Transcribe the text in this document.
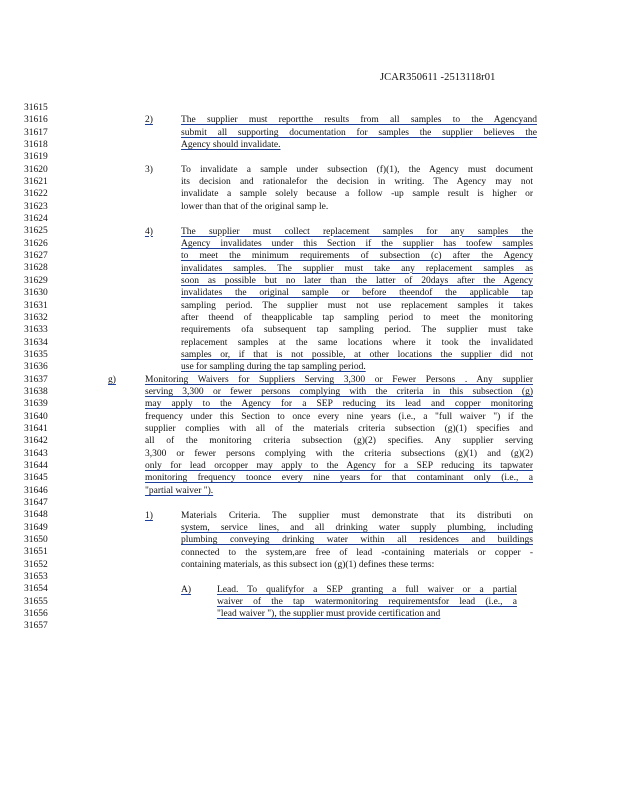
JCAR350611 -2513118r01
31615
31616
31617
31618
31619
31620
31621
31622
31623
31624
31625
31626
31627
31628
31629
31630
31631
31632
31633
31634
31635
31636
31637
31638
31639
31640
31641
31642
31643
31644
31645
31646
31647
31648
31649
31650
31651
31652
31653
31654
31655
31656
31657
2)	The supplier must reportthe results from all samples to the Agencyand
submit all supporting documentation for samples the supplier believes the
Agency should invalidate.
3)	To invalidate a sample under subsection (f)(1), the Agency must document
its decision and rationalefor the decision in writing. The Agency may not
invalidate a sample solely because a follow -up sample result is higher or
lower than that of the original samp le.
4)	The supplier must collect replacement samples for any samples the
Agency invalidates under this Section if the supplier has toofew samples
to meet the minimum requirements of subsection (c) after the Agency
invalidates samples. The supplier must take any replacement samples as
soon as possible but no later than the latter of 20days after the Agency
invalidates the original sample or before theendof the applicable tap
sampling period. The supplier must not use replacement samples it takes
after theend of theapplicable tap sampling period to meet the monitoring
requirements ofa subsequent tap sampling period. The supplier must take
replacement samples at the same locations where it took the invalidated
samples or, if that is not possible, at other locations the supplier did not
use for sampling during the tap sampling period.
g)	Monitoring Waivers for Suppliers Serving 3,300 or Fewer Persons . Any supplier
serving 3,300 or fewer persons complying with the criteria in this subsection (g)
may apply to the Agency for a SEP reducing its lead and copper monitoring
frequency under this Section to once every nine years (i.e., a "full waiver ") if the
supplier complies with all of the materials criteria subsection (g)(1) specifies and
all of the monitoring criteria subsection (g)(2) specifies. Any supplier serving
3,300 or fewer persons complying with the criteria subsections (g)(1) and (g)(2)
only for lead orcopper may apply to the Agency for a SEP reducing its tapwater
monitoring frequency toonce every nine years for that contaminant only (i.e., a
"partial waiver ").
1)	Materials Criteria. The supplier must demonstrate that its distributi on
system, service lines, and all drinking water supply plumbing, including
plumbing conveying drinking water within all residences and buildings
connected to the system,are free of lead -containing materials or copper -
containing materials, as this subsect ion (g)(1) defines these terms:
A)	Lead. To qualifyfor a SEP granting a full waiver or a partial
waiver of the tap watermonitoring requirementsfor lead (i.e., a
"lead waiver "), the supplier must provide certification and
